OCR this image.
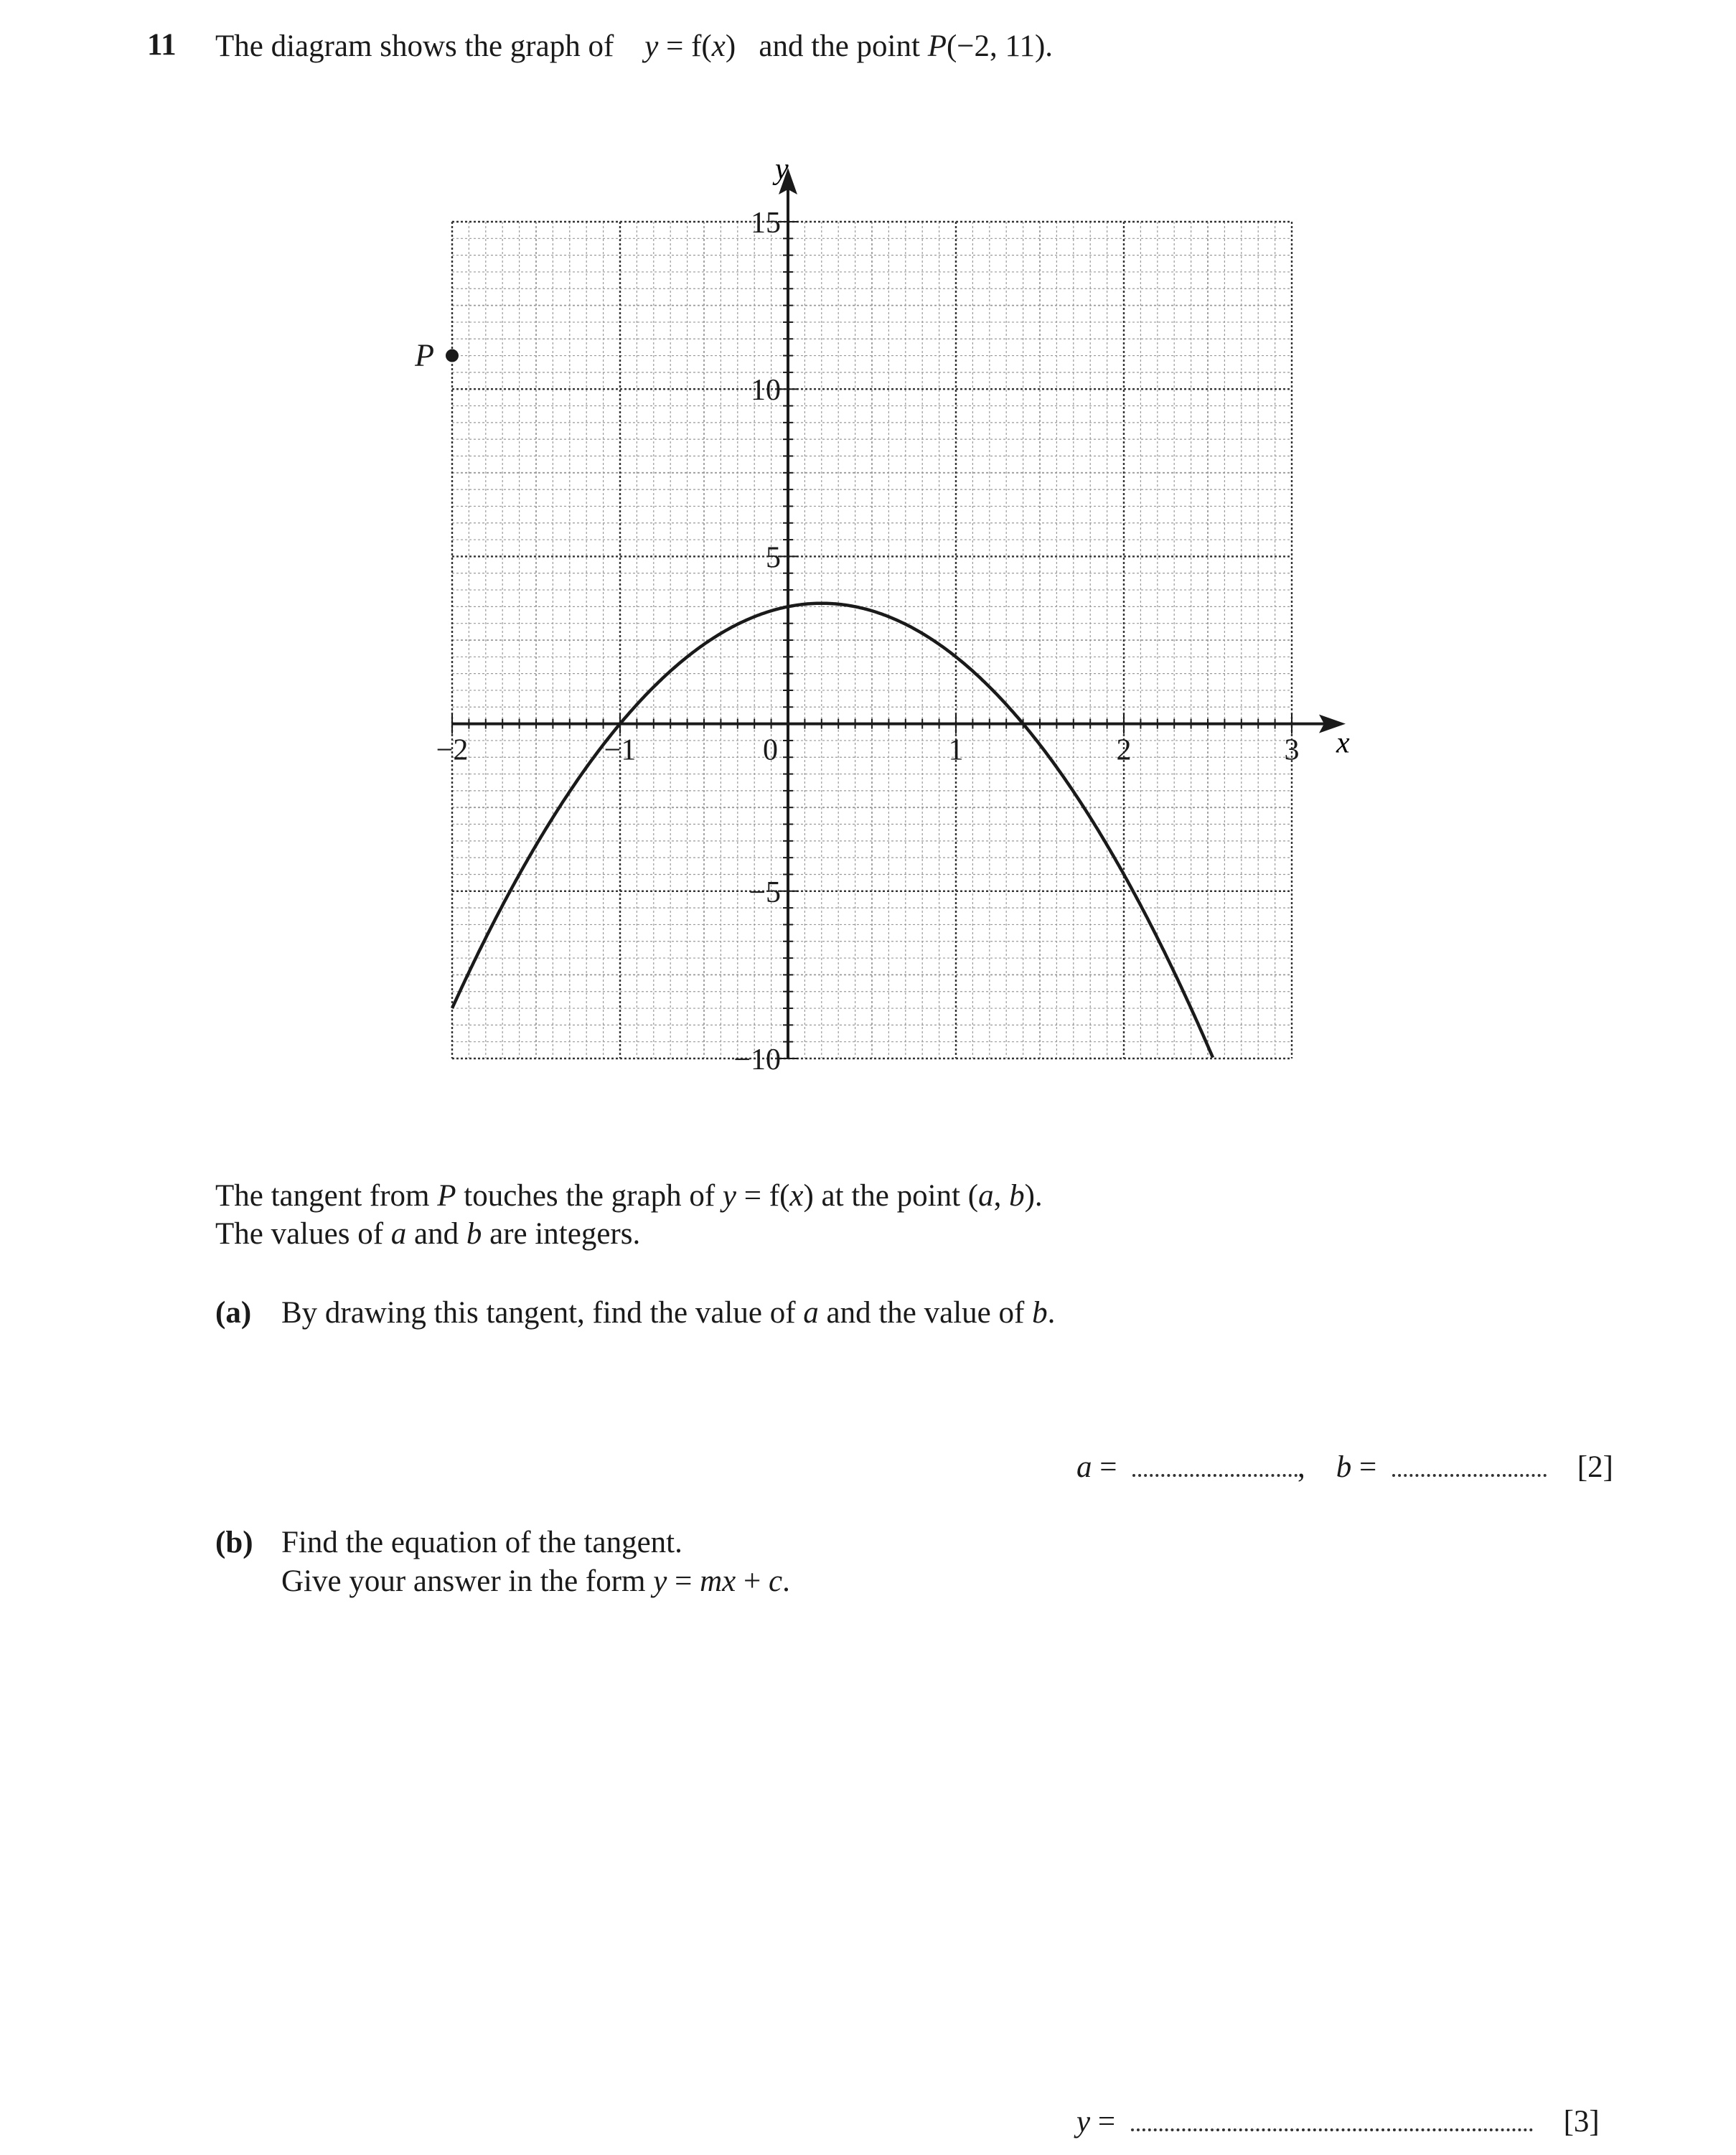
11 The diagram shows the graph of y = f(x) and the point P(−2, 11).
−2	−1	0	1	2	3
−10
−5
5
10
15
P
x
y
The tangent from P touches the graph of y = f(x) at the point (a, b).
The values of a and b are integers.
(a) By drawing this tangent, find the value of a and the value of b.
a =	, b =	[2]
(b) Find the equation of the tangent.
Give your answer in the form y = mx + c.
y =	[3]
